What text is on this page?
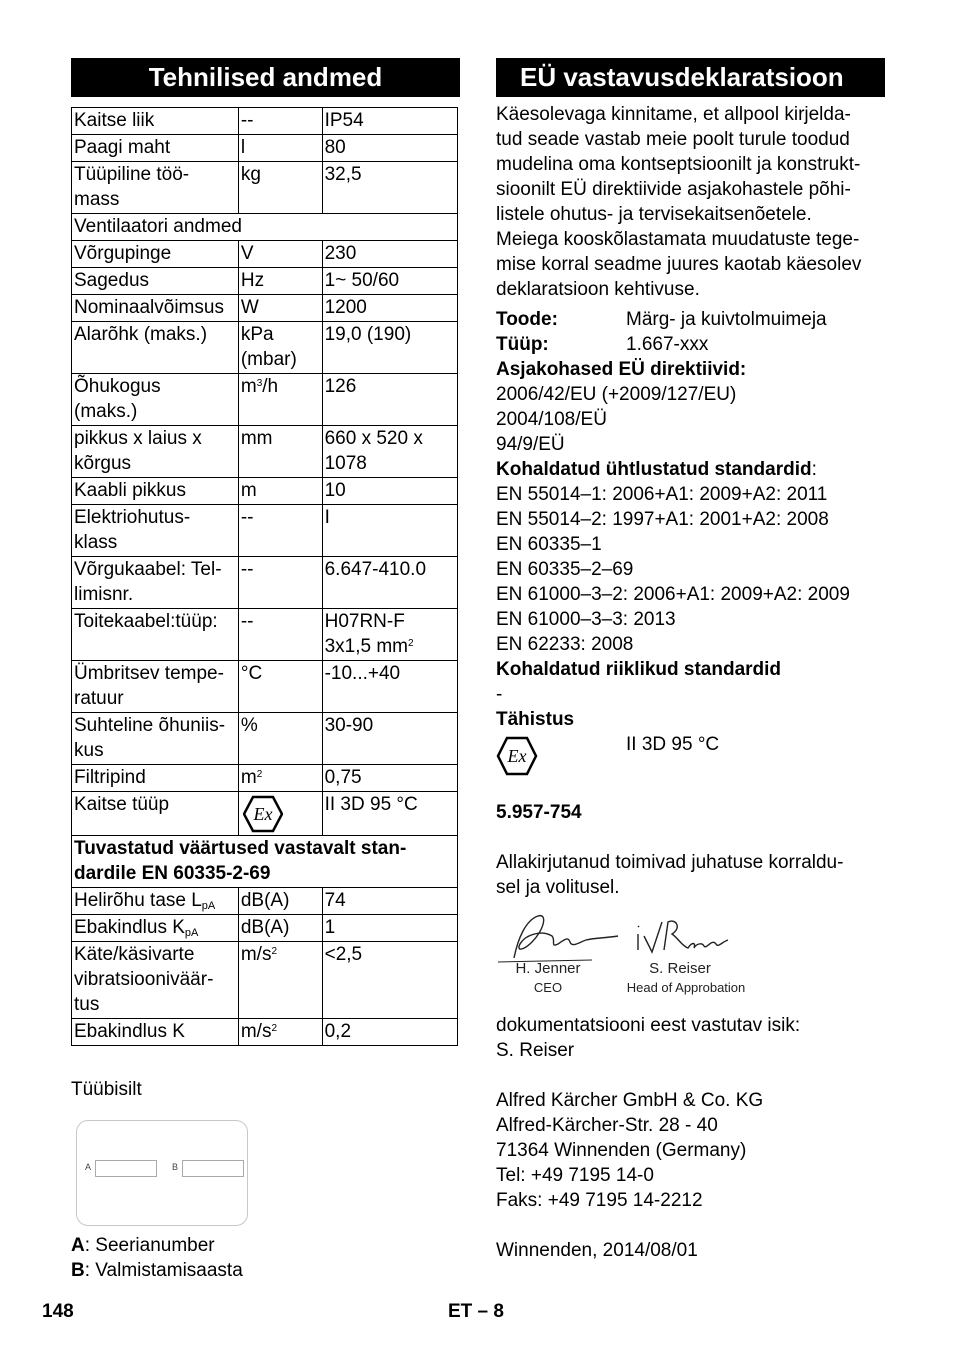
Tehnilised andmed
Kaitse liik	--	IP54
Paagi maht	l	80
Tüüpiline töö-
mass	kg	32,5
Ventilaatori andmed		
Võrgupinge	V	230
Sagedus	Hz	1~ 50/60
Nominaalvõimsus	W	1200
Alarõhk (maks.)	kPa
(mbar)	19,0 (190)
Õhukogus
(maks.)	$m^3/h$	126
pikkus x laius x
kõrgus	mm	660 x 520 x
1078
Kaabli pikkus	m	10
Elektriohutus-
klass	--	I
Võrgukaabel: Tel-
limisnr.	--	6.647-410.0
Toitekaabel:tüüp:	--	H07RN-F
3x1,5 $mm^2$
Ümbritsev tempe-
ratuur	°C	-10...+40
Suhteline õhuniis-
kus	%	30-90
Filtripind	$m^2$	0,75
Kaitse tüüp	Ex	II 3D 95 °C
Tuvastatud väärtused vastavalt stan-
dardile EN 60335-2-69		
Helirõhu tase $L_{pA}$	dB(A)	74
Ebakindlus $K_{pA}$	dB(A)	1
Käte/käsivarte
vibratsiooniväär-
tus	$m/s^2$	<2,5
Ebakindlus K	$m/s^2$	0,2
Tüübisilt
A	B
A: Seerianumber
B: Valmistamisaasta
EÜ vastavusdeklaratsioon
Käesolevaga kinnitame, et allpool kirjelda-
tud seade vastab meie poolt turule toodud
mudelina oma kontseptsioonilt ja konstrukt-
sioonilt EÜ direktiivide asjakohastele põhi-
listele ohutus- ja tervisekaitsenõetele.
Meiega kooskõlastamata muudatuste tege-
mise korral seadme juures kaotab käesolev
deklaratsioon kehtivuse.
Toode:	Märg- ja kuivtolmuimeja
Tüüp:	1.667-xxx
Asjakohased EÜ direktiivid:
2006/42/EU (+2009/127/EU)
2004/108/EÜ
94/9/EÜ
Kohaldatud ühtlustatud standardid:
EN 55014–1: 2006+A1: 2009+A2: 2011
EN 55014–2: 1997+A1: 2001+A2: 2008
EN 60335–1
EN 60335–2–69
EN 61000–3–2: 2006+A1: 2009+A2: 2009
EN 61000–3–3: 2013
EN 62233: 2008
Kohaldatud riiklikud standardid
-
Tähistus
Ex
II 3D 95 °C
5.957-754
Allakirjutanud toimivad juhatuse korraldu-
sel ja volitusel.
H. Jenner
CEO
S. Reiser
Head of Approbation
dokumentatsiooni eest vastutav isik:
S. Reiser
Alfred Kärcher GmbH & Co. KG
Alfred-Kärcher-Str. 28 - 40
71364 Winnenden (Germany)
Tel: +49 7195 14-0
Faks: +49 7195 14-2212
Winnenden, 2014/08/01
148	ET – 8
